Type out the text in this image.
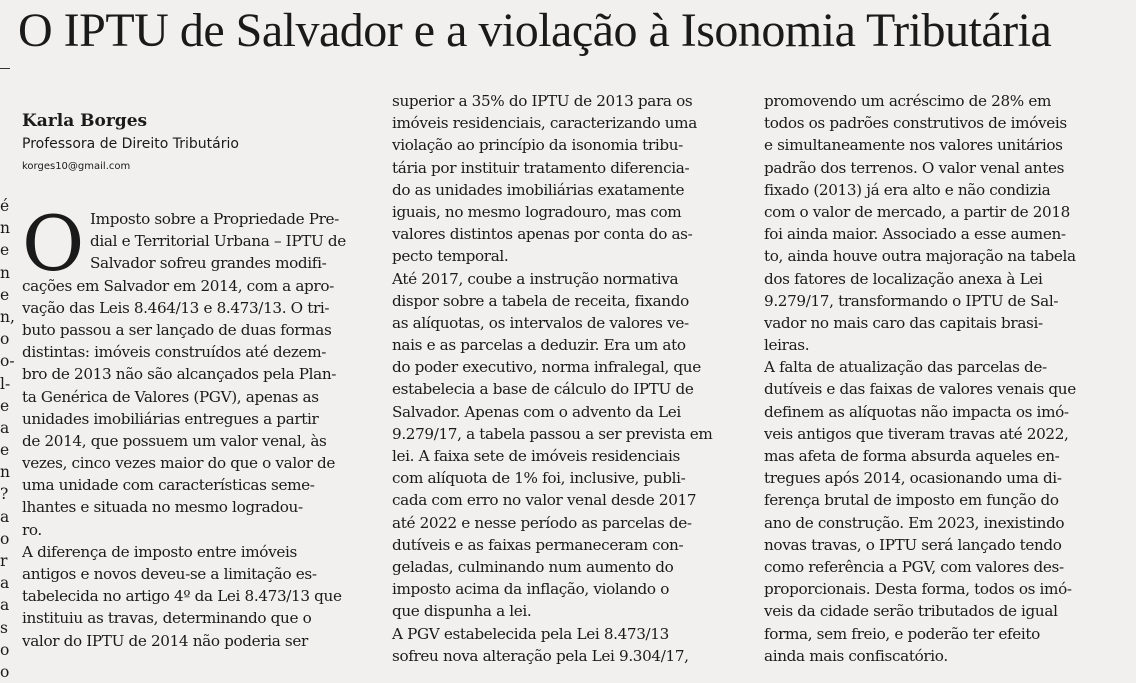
O IPTU de Salvador e a violação à Isonomia Tributária
é
n
e
n
e
n,
o
o-
l-
e
a
e
n
?
a
o
r
a
a
s
o
o
Karla Borges
Professora de Direito Tributário
korges10@gmail.com
O Imposto sobre a Propriedade Pre-
dial e Territorial Urbana – IPTU de
Salvador sofreu grandes modifi-
cações em Salvador em 2014, com a apro-
vação das Leis 8.464/13 e 8.473/13. O tri-
buto passou a ser lançado de duas formas
distintas: imóveis construídos até dezem-
bro de 2013 não são alcançados pela Plan-
ta Genérica de Valores (PGV), apenas as
unidades imobiliárias entregues a partir
de 2014, que possuem um valor venal, às
vezes, cinco vezes maior do que o valor de
uma unidade com características seme-
lhantes e situada no mesmo logradou-
ro.
A diferença de imposto entre imóveis
antigos e novos deveu-se a limitação es-
tabelecida no artigo 4º da Lei 8.473/13 que
instituiu as travas, determinando que o
valor do IPTU de 2014 não poderia ser
superior a 35% do IPTU de 2013 para os
imóveis residenciais, caracterizando uma
violação ao princípio da isonomia tribu-
tária por instituir tratamento diferencia-
do as unidades imobiliárias exatamente
iguais, no mesmo logradouro, mas com
valores distintos apenas por conta do as-
pecto temporal.
Até 2017, coube a instrução normativa
dispor sobre a tabela de receita, fixando
as alíquotas, os intervalos de valores ve-
nais e as parcelas a deduzir. Era um ato
do poder executivo, norma infralegal, que
estabelecia a base de cálculo do IPTU de
Salvador. Apenas com o advento da Lei
9.279/17, a tabela passou a ser prevista em
lei. A faixa sete de imóveis residenciais
com alíquota de 1% foi, inclusive, publi-
cada com erro no valor venal desde 2017
até 2022 e nesse período as parcelas de-
dutíveis e as faixas permaneceram con-
geladas, culminando num aumento do
imposto acima da inflação, violando o
que dispunha a lei.
A PGV estabelecida pela Lei 8.473/13
sofreu nova alteração pela Lei 9.304/17,
promovendo um acréscimo de 28% em
todos os padrões construtivos de imóveis
e simultaneamente nos valores unitários
padrão dos terrenos. O valor venal antes
fixado (2013) já era alto e não condizia
com o valor de mercado, a partir de 2018
foi ainda maior. Associado a esse aumen-
to, ainda houve outra majoração na tabela
dos fatores de localização anexa à Lei
9.279/17, transformando o IPTU de Sal-
vador no mais caro das capitais brasi-
leiras.
A falta de atualização das parcelas de-
dutíveis e das faixas de valores venais que
definem as alíquotas não impacta os imó-
veis antigos que tiveram travas até 2022,
mas afeta de forma absurda aqueles en-
tregues após 2014, ocasionando uma di-
ferença brutal de imposto em função do
ano de construção. Em 2023, inexistindo
novas travas, o IPTU será lançado tendo
como referência a PGV, com valores des-
proporcionais. Desta forma, todos os imó-
veis da cidade serão tributados de igual
forma, sem freio, e poderão ter efeito
ainda mais confiscatório.
